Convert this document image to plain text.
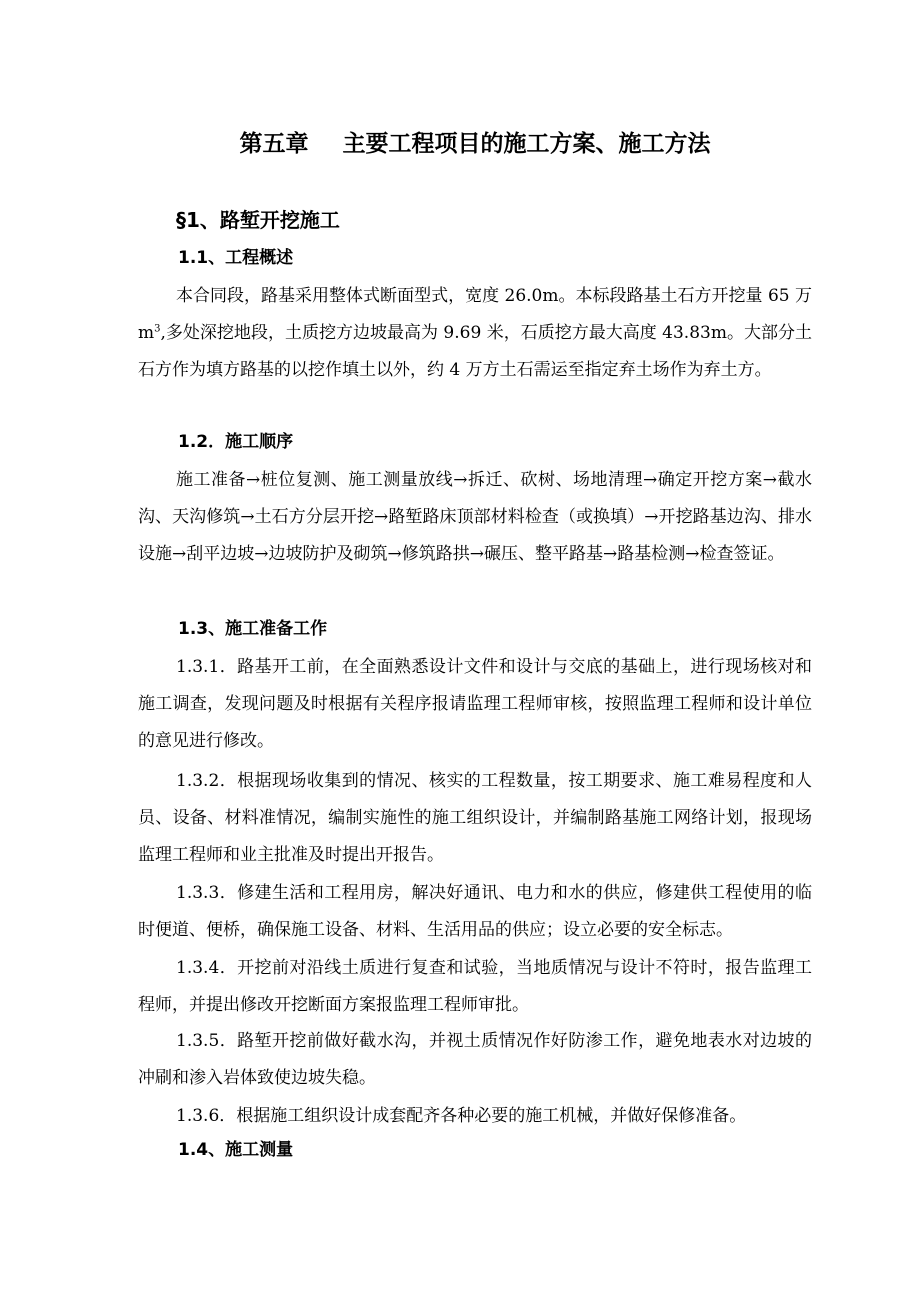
第五章 主要工程项目的施工方案、施工方法
§1、路堑开挖施工
1.1、工程概述

本合同段，路基采用整体式断面型式，宽度 26.0m。本标段路基土石方开挖量 65 万 $m^3$,多处深挖地段，土质挖方边坡最高为 9.69 米，石质挖方最大高度 43.83m。大部分土石方作为填方路基的以挖作填土以外，约 4 万方土石需运至指定弃土场作为弃土方。

1.2．施工顺序

施工准备→桩位复测、施工测量放线→拆迁、砍树、场地清理→确定开挖方案→截水沟、天沟修筑→土石方分层开挖→路堑路床顶部材料检查（或换填）→开挖路基边沟、排水设施→刮平边坡→边坡防护及砌筑→修筑路拱→碾压、整平路基→路基检测→检查签证。

1.3、施工准备工作

1.3.1．路基开工前，在全面熟悉设计文件和设计与交底的基础上，进行现场核对和施工调查，发现问题及时根据有关程序报请监理工程师审核，按照监理工程师和设计单位的意见进行修改。

1.3.2．根据现场收集到的情况、核实的工程数量，按工期要求、施工难易程度和人员、设备、材料准情况，编制实施性的施工组织设计，并编制路基施工网络计划，报现场监理工程师和业主批准及时提出开报告。

1.3.3．修建生活和工程用房，解决好通讯、电力和水的供应，修建供工程使用的临时便道、便桥，确保施工设备、材料、生活用品的供应；设立必要的安全标志。

1.3.4．开挖前对沿线土质进行复查和试验，当地质情况与设计不符时，报告监理工程师，并提出修改开挖断面方案报监理工程师审批。

1.3.5．路堑开挖前做好截水沟，并视土质情况作好防渗工作，避免地表水对边坡的冲刷和渗入岩体致使边坡失稳。

1.3.6．根据施工组织设计成套配齐各种必要的施工机械，并做好保修准备。

1.4、施工测量
